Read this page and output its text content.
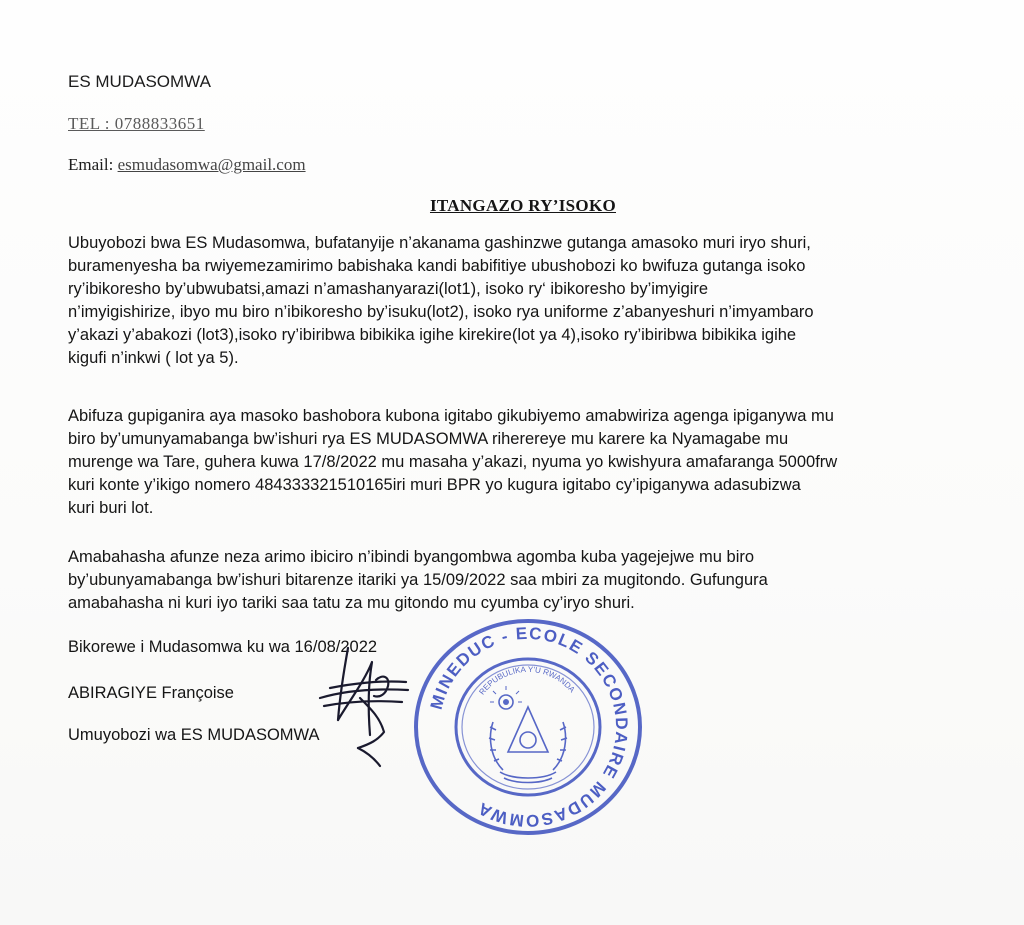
ES MUDASOMWA
TEL : 0788833651
Email: esmudasomwa@gmail.com
ITANGAZO RY’ISOKO
Ubuyobozi bwa ES Mudasomwa, bufatanyije n’akanama gashinzwe gutanga amasoko muri iryo shuri,
buramenyesha ba rwiyemezamirimo babishaka kandi babifitiye ubushobozi ko bwifuza gutanga isoko
ry’ibikoresho by’ubwubatsi,amazi n’amashanyarazi(lot1), isoko ry‘ ibikoresho by’imyigire
n’imyigishirize, ibyo mu biro n’ibikoresho by’isuku(lot2), isoko rya uniforme z’abanyeshuri n’imyambaro
y’akazi y’abakozi (lot3),isoko ry’ibiribwa bibikika igihe kirekire(lot ya 4),isoko ry’ibiribwa bibikika igihe
kigufi n’inkwi ( lot ya 5).
Abifuza gupiganira aya masoko bashobora kubona igitabo gikubiyemo amabwiriza agenga ipiganywa mu
biro by’umunyamabanga bw’ishuri rya ES MUDASOMWA riherereye mu karere ka Nyamagabe mu
murenge wa Tare, guhera kuwa 17/8/2022 mu masaha y’akazi, nyuma yo kwishyura amafaranga 5000frw
kuri konte y’ikigo nomero 484333321510165iri muri BPR yo kugura igitabo cy’ipiganywa adasubizwa
kuri buri lot.
Amabahasha afunze neza arimo ibiciro n’ibindi byangombwa agomba kuba yagejejwe mu biro
by’ubunyamabanga bw’ishuri bitarenze itariki ya 15/09/2022 saa mbiri za mugitondo. Gufungura
amabahasha ni kuri iyo tariki saa tatu za mu gitondo mu cyumba cy’iryo shuri.
Bikorewe i Mudasomwa ku wa 16/08/2022
ABIRAGIYE Françoise
Umuyobozi wa ES MUDASOMWA
MINEDUC - ECOLE SECONDAIRE MUDASOMWA
REPUBULIKA Y'U RWANDA
